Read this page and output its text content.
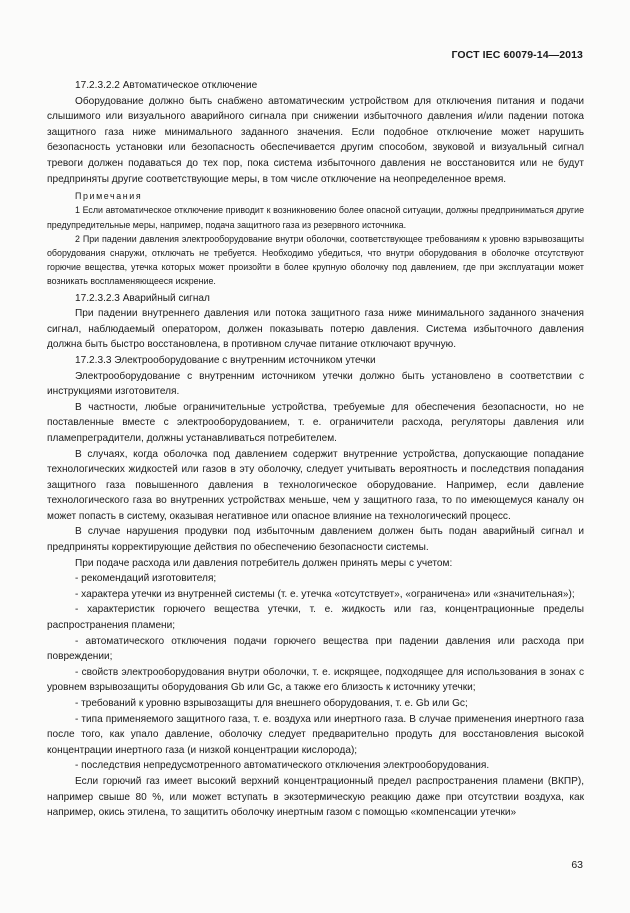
ГОСТ IEC 60079-14—2013

17.2.3.2.2 Автоматическое отключение

Оборудование должно быть снабжено автоматическим устройством для отключения питания и подачи слышимого или визуального аварийного сигнала при снижении избыточного давления и/или падении потока защитного газа ниже минимального заданного значения. Если подобное отключение может нарушить безопасность установки или безопасность обеспечивается другим способом, звуковой и визуальный сигнал тревоги должен подаваться до тех пор, пока система избыточного давления не восстановится или не будут предприняты другие соответствующие меры, в том числе отключение на неопределенное время.

Примечания

1 Если автоматическое отключение приводит к возникновению более опасной ситуации, должны предприниматься другие предупредительные меры, например, подача защитного газа из резервного источника.

2 При падении давления электрооборудование внутри оболочки, соответствующее требованиям к уровню взрывозащиты оборудования снаружи, отключать не требуется. Необходимо убедиться, что внутри оборудования в оболочке отсутствуют горючие вещества, утечка которых может произойти в более крупную оболочку под давлением, где при эксплуатации может возникать воспламеняющееся искрение.

17.2.3.2.3 Аварийный сигнал

При падении внутреннего давления или потока защитного газа ниже минимального заданного значения сигнал, наблюдаемый оператором, должен показывать потерю давления. Система избыточного давления должна быть быстро восстановлена, в противном случае питание отключают вручную.

17.2.3.3 Электрооборудование с внутренним источником утечки

Электрооборудование с внутренним источником утечки должно быть установлено в соответствии с инструкциями изготовителя.

В частности, любые ограничительные устройства, требуемые для обеспечения безопасности, но не поставленные вместе с электрооборудованием, т. е. ограничители расхода, регуляторы давления или пламепреградители, должны устанавливаться потребителем.

В случаях, когда оболочка под давлением содержит внутренние устройства, допускающие попадание технологических жидкостей или газов в эту оболочку, следует учитывать вероятность и последствия попадания защитного газа повышенного давления в технологическое оборудование. Например, если давление технологического газа во внутренних устройствах меньше, чем у защитного газа, то по имеющемуся каналу он может попасть в систему, оказывая негативное или опасное влияние на технологический процесс.

В случае нарушения продувки под избыточным давлением должен быть подан аварийный сигнал и предприняты корректирующие действия по обеспечению безопасности системы.

При подаче расхода или давления потребитель должен принять меры с учетом:

- рекомендаций изготовителя;

- характера утечки из внутренней системы (т. е. утечка «отсутствует», «ограничена» или «значительная»);

- характеристик горючего вещества утечки, т. е. жидкость или газ, концентрационные пределы распространения пламени;

- автоматического отключения подачи горючего вещества при падении давления или расхода при повреждении;

- свойств электрооборудования внутри оболочки, т. е. искрящее, подходящее для использования в зонах с уровнем взрывозащиты оборудования Gb или Gc, а также его близость к источнику утечки;

- требований к уровню взрывозащиты для внешнего оборудования, т. е. Gb или Gc;

- типа применяемого защитного газа, т. е. воздуха или инертного газа. В случае применения инертного газа после того, как упало давление, оболочку следует предварительно продуть для восстановления высокой концентрации инертного газа (и низкой концентрации кислорода);

- последствия непредусмотренного автоматического отключения электрооборудования.

Если горючий газ имеет высокий верхний концентрационный предел распространения пламени (ВКПР), например свыше 80 %, или может вступать в экзотермическую реакцию даже при отсутствии воздуха, как например, окись этилена, то защитить оболочку инертным газом с помощью «компенсации утечки»

63
